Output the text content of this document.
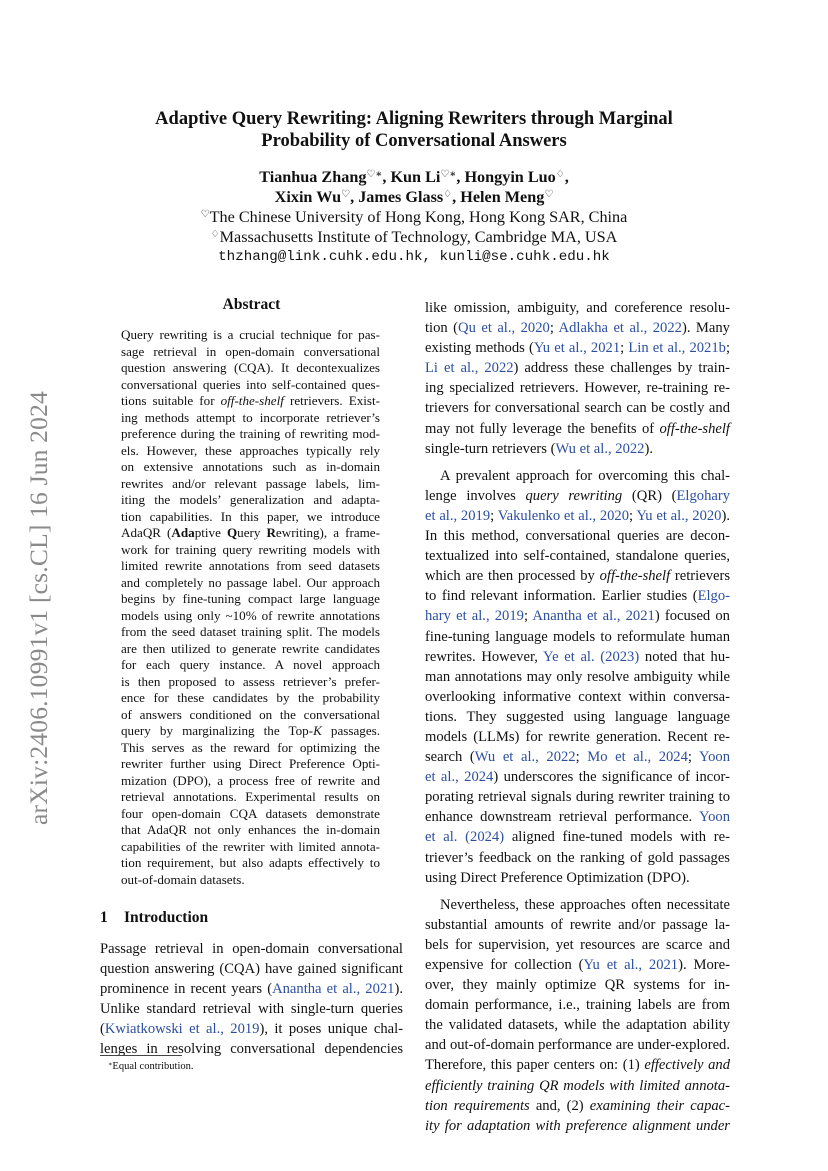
arXiv:2406.10991v1 [cs.CL] 16 Jun 2024
Adaptive Query Rewriting: Aligning Rewriters through Marginal
Probability of Conversational Answers
Tianhua Zhang♡∗, Kun Li♡∗, Hongyin Luo♢,
Xixin Wu♡, James Glass♢, Helen Meng♡
♡The Chinese University of Hong Kong, Hong Kong SAR, China
♢Massachusetts Institute of Technology, Cambridge MA, USA
thzhang@link.cuhk.edu.hk, kunli@se.cuhk.edu.hk
Abstract
Query rewriting is a crucial technique for pas-
sage retrieval in open-domain conversational
question answering (CQA). It decontexualizes
conversational queries into self-contained ques-
tions suitable for off-the-shelf retrievers. Exist-
ing methods attempt to incorporate retriever’s
preference during the training of rewriting mod-
els. However, these approaches typically rely
on extensive annotations such as in-domain
rewrites and/or relevant passage labels, lim-
iting the models’ generalization and adapta-
tion capabilities. In this paper, we introduce
AdaQR (Adaptive Query Rewriting), a frame-
work for training query rewriting models with
limited rewrite annotations from seed datasets
and completely no passage label. Our approach
begins by fine-tuning compact large language
models using only ~10% of rewrite annotations
from the seed dataset training split. The models
are then utilized to generate rewrite candidates
for each query instance. A novel approach
is then proposed to assess retriever’s prefer-
ence for these candidates by the probability
of answers conditioned on the conversational
query by marginalizing the Top-K passages.
This serves as the reward for optimizing the
rewriter further using Direct Preference Opti-
mization (DPO), a process free of rewrite and
retrieval annotations. Experimental results on
four open-domain CQA datasets demonstrate
that AdaQR not only enhances the in-domain
capabilities of the rewriter with limited annota-
tion requirement, but also adapts effectively to
out-of-domain datasets.
1 Introduction
Passage retrieval in open-domain conversational
question answering (CQA) have gained significant
prominence in recent years (Anantha et al., 2021).
Unlike standard retrieval with single-turn queries
(Kwiatkowski et al., 2019), it poses unique chal-
lenges in resolving conversational dependencies
∗Equal contribution.
like omission, ambiguity, and coreference resolu-
tion (Qu et al., 2020; Adlakha et al., 2022). Many
existing methods (Yu et al., 2021; Lin et al., 2021b;
Li et al., 2022) address these challenges by train-
ing specialized retrievers. However, re-training re-
trievers for conversational search can be costly and
may not fully leverage the benefits of off-the-shelf
single-turn retrievers (Wu et al., 2022).
A prevalent approach for overcoming this chal-
lenge involves query rewriting (QR) (Elgohary
et al., 2019; Vakulenko et al., 2020; Yu et al., 2020).
In this method, conversational queries are decon-
textualized into self-contained, standalone queries,
which are then processed by off-the-shelf retrievers
to find relevant information. Earlier studies (Elgo-
hary et al., 2019; Anantha et al., 2021) focused on
fine-tuning language models to reformulate human
rewrites. However, Ye et al. (2023) noted that hu-
man annotations may only resolve ambiguity while
overlooking informative context within conversa-
tions. They suggested using language language
models (LLMs) for rewrite generation. Recent re-
search (Wu et al., 2022; Mo et al., 2024; Yoon
et al., 2024) underscores the significance of incor-
porating retrieval signals during rewriter training to
enhance downstream retrieval performance. Yoon
et al. (2024) aligned fine-tuned models with re-
triever’s feedback on the ranking of gold passages
using Direct Preference Optimization (DPO).
Nevertheless, these approaches often necessitate
substantial amounts of rewrite and/or passage la-
bels for supervision, yet resources are scarce and
expensive for collection (Yu et al., 2021). More-
over, they mainly optimize QR systems for in-
domain performance, i.e., training labels are from
the validated datasets, while the adaptation ability
and out-of-domain performance are under-explored.
Therefore, this paper centers on: (1) effectively and
efficiently training QR models with limited annota-
tion requirements and, (2) examining their capac-
ity for adaptation with preference alignment under
